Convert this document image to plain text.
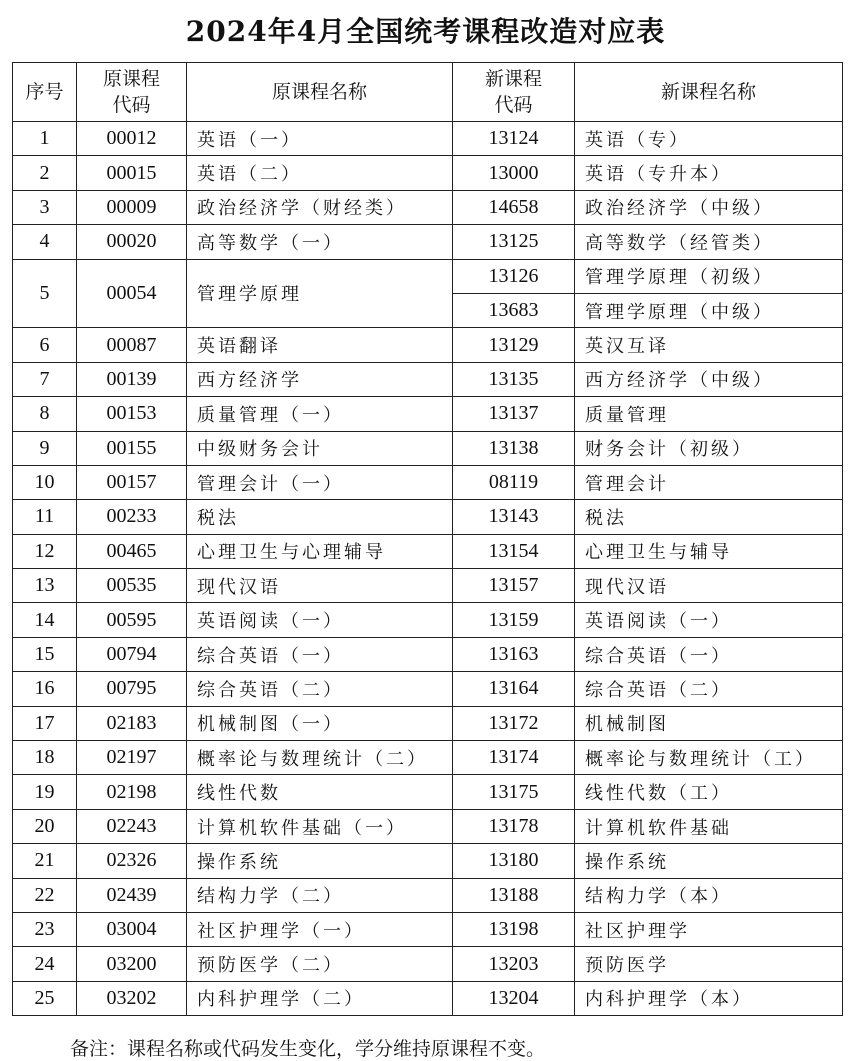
2024年4月全国统考课程改造对应表
序号	原课程代码	原课程名称	新课程代码	新课程名称
1	00012	英语（一）	13124	英语（专）
2	00015	英语（二）	13000	英语（专升本）
3	00009	政治经济学（财经类）	14658	政治经济学（中级）
4	00020	高等数学（一）	13125	高等数学（经管类）
5	00054	管理学原理	13126	管理学原理（初级）
			13683	管理学原理（中级）
6	00087	英语翻译	13129	英汉互译
7	00139	西方经济学	13135	西方经济学（中级）
8	00153	质量管理（一）	13137	质量管理
9	00155	中级财务会计	13138	财务会计（初级）
10	00157	管理会计（一）	08119	管理会计
11	00233	税法	13143	税法
12	00465	心理卫生与心理辅导	13154	心理卫生与辅导
13	00535	现代汉语	13157	现代汉语
14	00595	英语阅读（一）	13159	英语阅读（一）
15	00794	综合英语（一）	13163	综合英语（一）
16	00795	综合英语（二）	13164	综合英语（二）
17	02183	机械制图（一）	13172	机械制图
18	02197	概率论与数理统计（二）	13174	概率论与数理统计（工）
19	02198	线性代数	13175	线性代数（工）
20	02243	计算机软件基础（一）	13178	计算机软件基础
21	02326	操作系统	13180	操作系统
22	02439	结构力学（二）	13188	结构力学（本）
23	03004	社区护理学（一）	13198	社区护理学
24	03200	预防医学（二）	13203	预防医学
25	03202	内科护理学（二）	13204	内科护理学（本）
备注：课程名称或代码发生变化，学分维持原课程不变。
